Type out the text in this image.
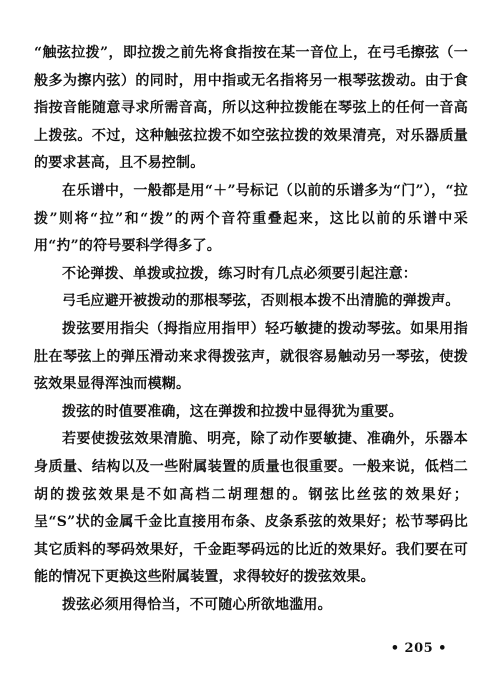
“触弦拉拨”，即拉拨之前先将食指按在某一音位上，在弓毛擦弦（一般多为擦内弦）的同时，用中指或无名指将另一根琴弦拨动。由于食指按音能随意寻求所需音高，所以这种拉拨能在琴弦上的任何一音高上拨弦。不过，这种触弦拉拨不如空弦拉拨的效果清亮，对乐器质量的要求甚高，且不易控制。

在乐谱中，一般都是用“＋”号标记（以前的乐谱多为“门”），“拉拨”则将“拉”和“拨”的两个音符重叠起来，这比以前的乐谱中采用“扚”的符号要科学得多了。

不论弹拨、单拨或拉拨，练习时有几点必须要引起注意：

弓毛应避开被拨动的那根琴弦，否则根本拨不出清脆的弹拨声。

拨弦要用指尖（拇指应用指甲）轻巧敏捷的拨动琴弦。如果用指肚在琴弦上的弹压滑动来求得拨弦声，就很容易触动另一琴弦，使拨弦效果显得浑浊而模糊。

拨弦的时值要准确，这在弹拨和拉拨中显得犹为重要。

若要使拨弦效果清脆、明亮，除了动作要敏捷、准确外，乐器本身质量、结构以及一些附属装置的质量也很重要。一般来说，低档二胡的拨弦效果是不如高档二胡理想的。钢弦比丝弦的效果好；呈“S”状的金属千金比直接用布条、皮条系弦的效果好；松节琴码比其它质料的琴码效果好，千金距琴码远的比近的效果好。我们要在可能的情况下更换这些附属装置，求得较好的拨弦效果。

拨弦必须用得恰当，不可随心所欲地滥用。

• 205 •
